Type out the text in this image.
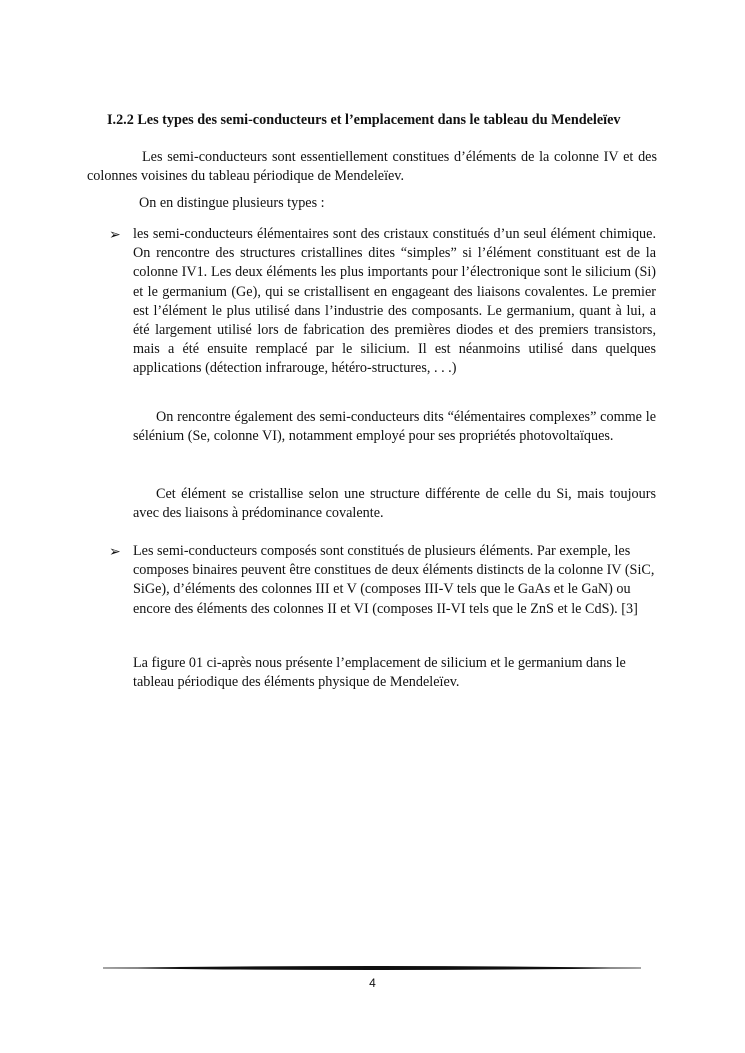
I.2.2 Les types des semi-conducteurs et l’emplacement dans le tableau du Mendeleïev

Les semi-conducteurs sont essentiellement constitues d’éléments de la colonne IV et des colonnes voisines du tableau périodique de Mendeleïev.

On en distingue plusieurs types :

➢ les semi-conducteurs élémentaires sont des cristaux constitués d’un seul élément chimique. On rencontre des structures cristallines dites “simples” si l’élément constituant est de la colonne IV1. Les deux éléments les plus importants pour l’électronique sont le silicium (Si) et le germanium (Ge), qui se cristallisent en engageant des liaisons covalentes. Le premier est l’élément le plus utilisé dans l’industrie des composants. Le germanium, quant à lui, a été largement utilisé lors de fabrication des premières diodes et des premiers transistors, mais a été ensuite remplacé par le silicium. Il est néanmoins utilisé dans quelques applications (détection infrarouge, hétéro-structures, . . .)

On rencontre également des semi-conducteurs dits “élémentaires complexes” comme le sélénium (Se, colonne VI), notamment employé pour ses propriétés photovoltaïques.

Cet élément se cristallise selon une structure différente de celle du Si, mais toujours avec des liaisons à prédominance covalente.

➢ Les semi-conducteurs composés sont constitués de plusieurs éléments. Par exemple, les composes binaires peuvent être constitues de deux éléments distincts de la colonne IV (SiC, SiGe), d’éléments des colonnes III et V (composes III-V tels que le GaAs et le GaN) ou encore des éléments des colonnes II et VI (composes II-VI tels que le ZnS et le CdS). [3]

La figure 01 ci-après nous présente l’emplacement de silicium et le germanium dans le tableau périodique des éléments physique de Mendeleïev.

4
